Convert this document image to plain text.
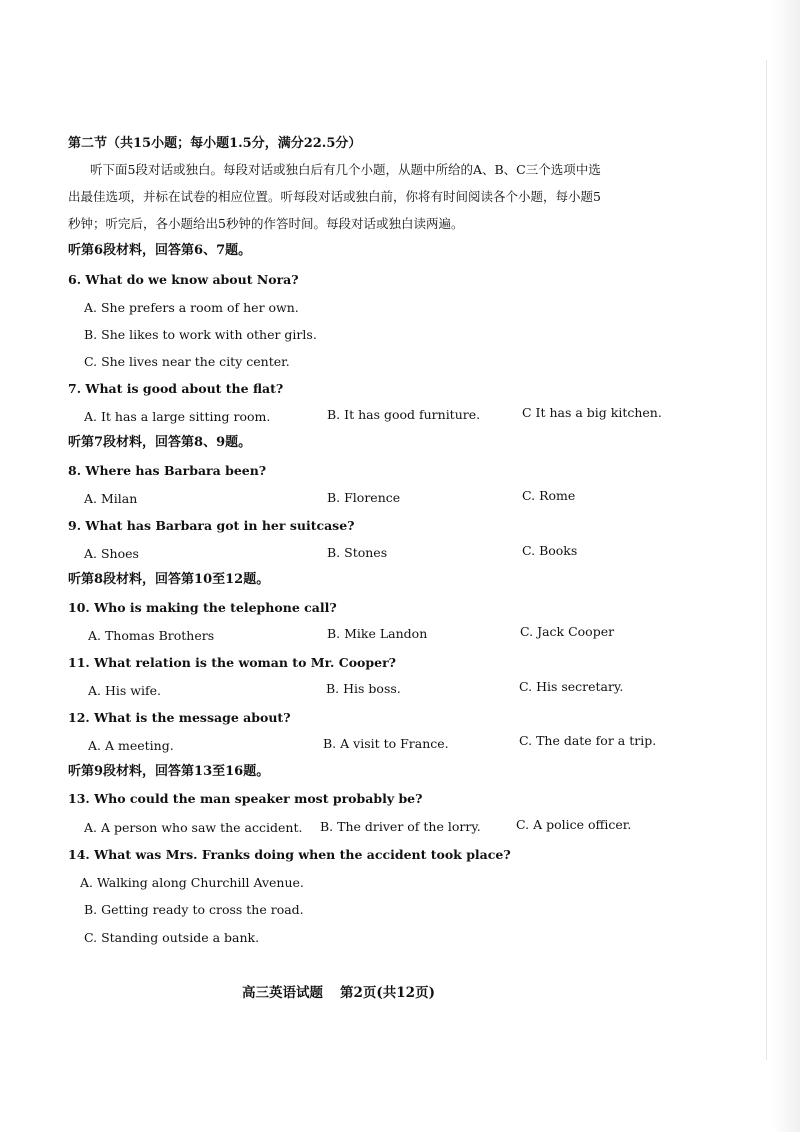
第二节（共15小题；每小题1.5分，满分22.5分）
听下面5段对话或独白。每段对话或独白后有几个小题，从题中所给的A、B、C三个选项中选
出最佳选项，并标在试卷的相应位置。听每段对话或独白前，你将有时间阅读各个小题，每小题5
秒钟；听完后，各小题给出5秒钟的作答时间。每段对话或独白读两遍。
听第6段材料，回答第6、7题。
6. What do we know about Nora?
A. She prefers a room of her own.
B. She likes to work with other girls.
C. She lives near the city center.
7. What is good about the flat?
A. It has a large sitting room.	B. It has good furniture.	C It has a big kitchen.
听第7段材料，回答第8、9题。
8. Where has Barbara been?
A. Milan	B. Florence	C. Rome
9. What has Barbara got in her suitcase?
A. Shoes	B. Stones	C. Books
听第8段材料，回答第10至12题。
10. Who is making the telephone call?
A. Thomas Brothers	B. Mike Landon	C. Jack Cooper
11. What relation is the woman to Mr. Cooper?
A. His wife.	B. His boss.	C. His secretary.
12. What is the message about?
A. A meeting.	B. A visit to France.	C. The date for a trip.
听第9段材料，回答第13至16题。
13. Who could the man speaker most probably be?
A. A person who saw the accident. B. The driver of the lorry.	C. A police officer.
14. What was Mrs. Franks doing when the accident took place?
A. Walking along Churchill Avenue.
B. Getting ready to cross the road.
C. Standing outside a bank.
高三英语试题 第2页(共12页)
